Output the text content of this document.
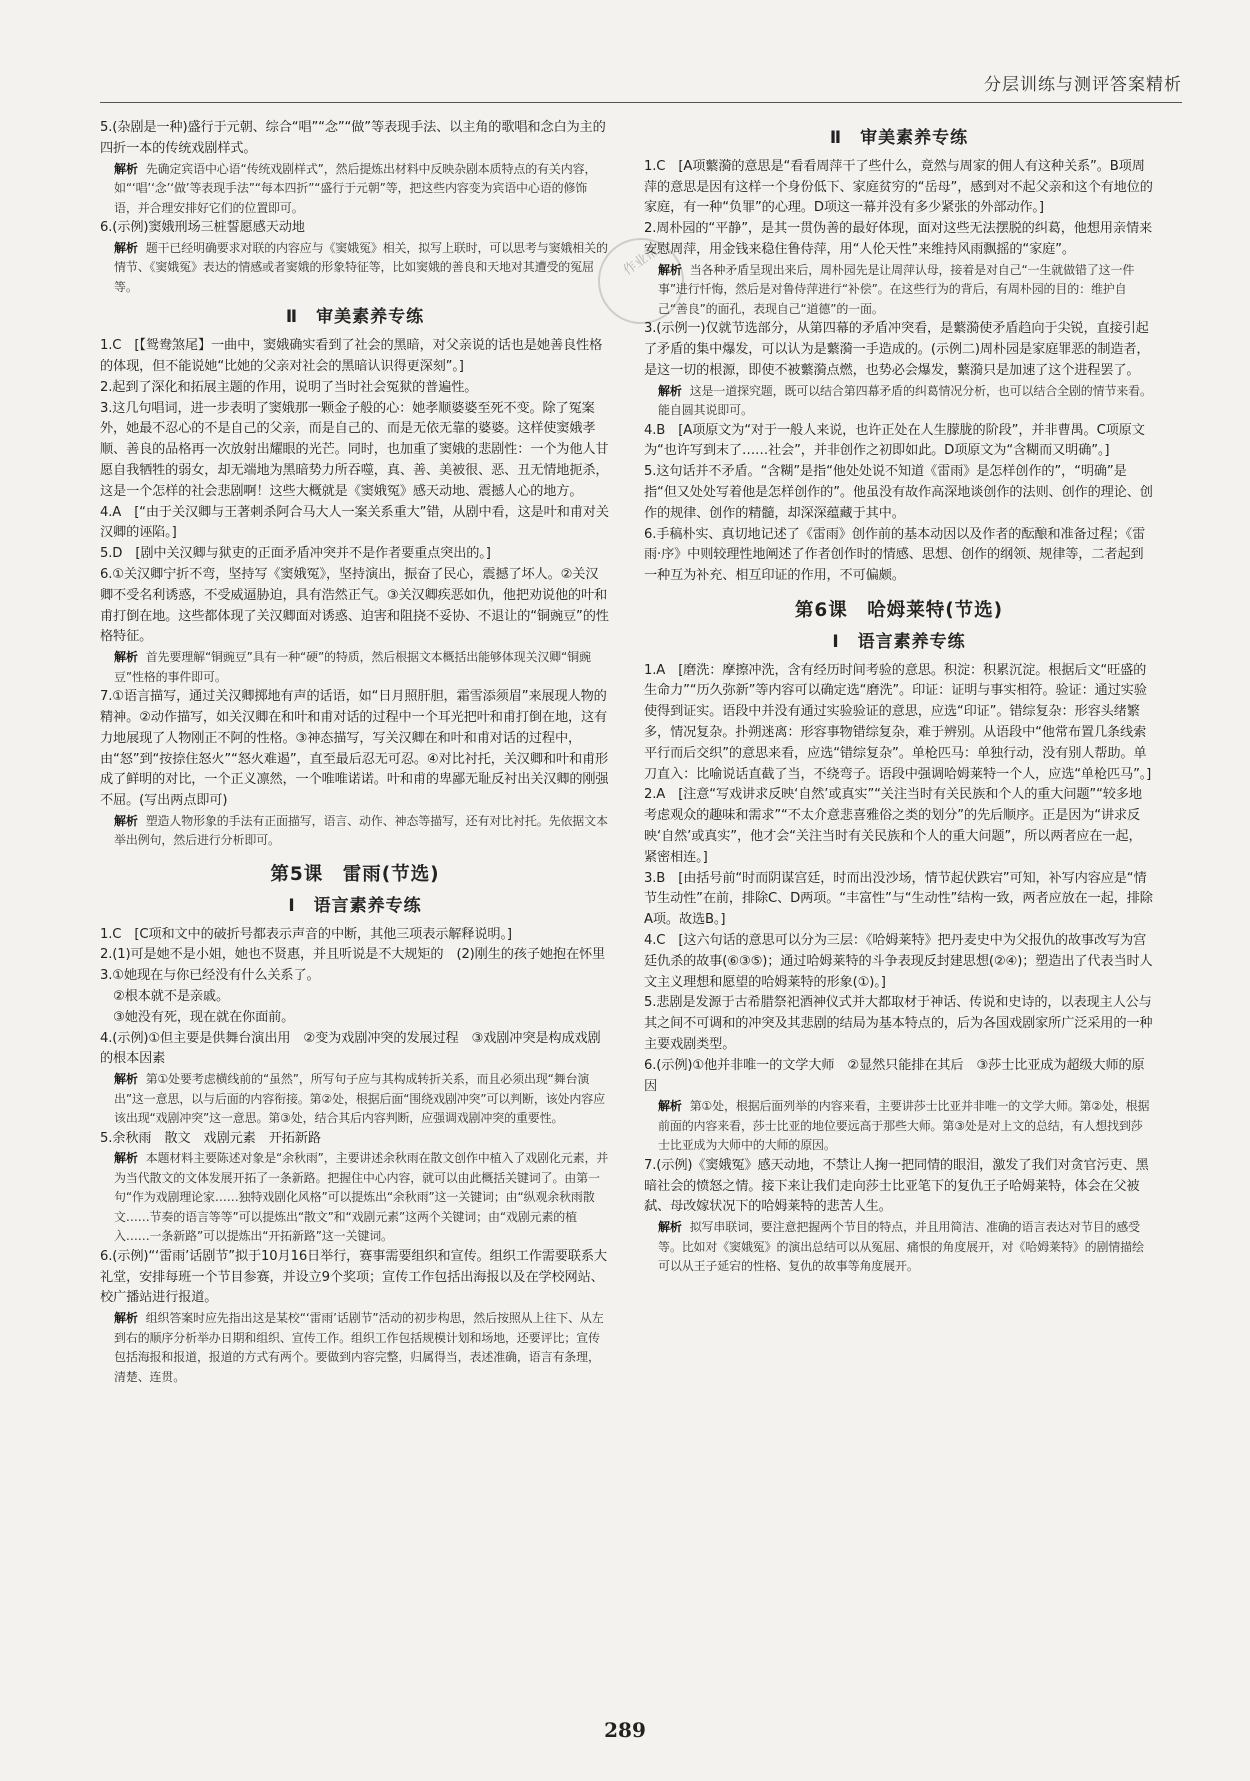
分层训练与测评答案精析
作业帮
5.(杂剧是一种)盛行于元朝、综合“唱”“念”“做”等表现手法、以主角的歌唱和念白为主的四折一本的传统戏剧样式。
解析 先确定宾语中心语“传统戏剧样式”，然后提炼出材料中反映杂剧本质特点的有关内容，如“‘唱’‘念’‘做’等表现手法”“每本四折”“盛行于元朝”等，把这些内容变为宾语中心语的修饰语，并合理安排好它们的位置即可。
6.(示例)窦娥刑场三桩誓愿感天动地
解析 题干已经明确要求对联的内容应与《窦娥冤》相关，拟写上联时，可以思考与窦娥相关的情节、《窦娥冤》表达的情感或者窦娥的形象特征等，比如窦娥的善良和天地对其遭受的冤屈等。
Ⅱ　审美素养专练
1.C　[【鸳鸯煞尾】一曲中，窦娥确实看到了社会的黑暗，对父亲说的话也是她善良性格的体现，但不能说她“比她的父亲对社会的黑暗认识得更深刻”。]
2.起到了深化和拓展主题的作用，说明了当时社会冤狱的普遍性。
3.这几句唱词，进一步表明了窦娥那一颗金子般的心：她孝顺婆婆至死不变。除了冤案外，她最不忍心的不是自己的父亲，而是自己的、而是无依无靠的婆婆。这样使窦娥孝顺、善良的品格再一次放射出耀眼的光芒。同时，也加重了窦娥的悲剧性：一个为他人甘愿自我牺牲的弱女，却无端地为黑暗势力所吞噬，真、善、美被很、恶、丑无情地扼杀，这是一个怎样的社会悲剧啊！这些大概就是《窦娥冤》感天动地、震撼人心的地方。
4.A　[“由于关汉卿与王著刺杀阿合马大人一案关系重大”错，从剧中看，这是叶和甫对关汉卿的诬陷。]
5.D　[剧中关汉卿与狱吏的正面矛盾冲突并不是作者要重点突出的。]
6.①关汉卿宁折不弯，坚持写《窦娥冤》，坚持演出，振奋了民心，震撼了坏人。②关汉卿不受名利诱惑，不受威逼胁迫，具有浩然正气。③关汉卿疾恶如仇，他把劝说他的叶和甫打倒在地。这些都体现了关汉卿面对诱惑、迫害和阻挠不妥协、不退让的“铜豌豆”的性格特征。
解析 首先要理解“铜豌豆”具有一种“硬”的特质，然后根据文本概括出能够体现关汉卿“铜豌豆”性格的事件即可。
7.①语言描写，通过关汉卿掷地有声的话语，如“日月照肝胆，霜雪添须眉”来展现人物的精神。②动作描写，如关汉卿在和叶和甫对话的过程中一个耳光把叶和甫打倒在地，这有力地展现了人物刚正不阿的性格。③神态描写，写关汉卿在和叶和甫对话的过程中，由“怒”到“按捺住怒火”“怒火难遏”，直至最后忍无可忍。④对比衬托，关汉卿和叶和甫形成了鲜明的对比，一个正义凛然，一个唯唯诺诺。叶和甫的卑鄙无耻反衬出关汉卿的刚强不屈。(写出两点即可)
解析 塑造人物形象的手法有正面描写，语言、动作、神态等描写，还有对比衬托。先依据文本举出例句，然后进行分析即可。
第5课　雷雨(节选)
Ⅰ　语言素养专练
1.C　[C项和文中的破折号都表示声音的中断，其他三项表示解释说明。]
2.(1)可是她不是小姐，她也不贤惠，并且听说是不大规矩的　(2)刚生的孩子她抱在怀里
3.①她现在与你已经没有什么关系了。
　②根本就不是亲戚。
　③她没有死，现在就在你面前。
4.(示例)①但主要是供舞台演出用　②变为戏剧冲突的发展过程　③戏剧冲突是构成戏剧的根本因素
解析 第①处要考虑横线前的“虽然”，所写句子应与其构成转折关系，而且必须出现“舞台演出”这一意思，以与后面的内容衔接。第②处，根据后面“围绕戏剧冲突”可以判断，该处内容应该出现“戏剧冲突”这一意思。第③处，结合其后内容判断，应强调戏剧冲突的重要性。
5.余秋雨　散文　戏剧元素　开拓新路
解析 本题材料主要陈述对象是“余秋雨”，主要讲述余秋雨在散文创作中植入了戏剧化元素，并为当代散文的文体发展开拓了一条新路。把握住中心内容，就可以由此概括关键词了。由第一句“作为戏剧理论家……独特戏剧化风格”可以提炼出“余秋雨”这一关键词；由“纵观余秋雨散文……节奏的语言等等”可以提炼出“散文”和“戏剧元素”这两个关键词；由“戏剧元素的植入……一条新路”可以提炼出“开拓新路”这一关键词。
6.(示例)“‘雷雨’话剧节”拟于10月16日举行，赛事需要组织和宣传。组织工作需要联系大礼堂，安排每班一个节目参赛，并设立9个奖项；宣传工作包括出海报以及在学校网站、校广播站进行报道。
解析 组织答案时应先指出这是某校“‘雷雨’话剧节”活动的初步构思，然后按照从上往下、从左到右的顺序分析举办日期和组织、宣传工作。组织工作包括规模计划和场地，还要评比；宣传包括海报和报道，报道的方式有两个。要做到内容完整，归属得当，表述准确，语言有条理，清楚、连贯。
Ⅱ　审美素养专练
1.C　[A项蘩漪的意思是“看看周萍干了些什么，竟然与周家的佣人有这种关系”。B项周萍的意思是因有这样一个身份低下、家庭贫穷的“岳母”，感到对不起父亲和这个有地位的家庭，有一种“负罪”的心理。D项这一幕并没有多少紧张的外部动作。]
2.周朴园的“平静”，是其一贯伪善的最好体现，面对这些无法摆脱的纠葛，他想用亲情来安慰周萍，用金钱来稳住鲁侍萍，用“人伦天性”来维持风雨飘摇的“家庭”。
解析 当各种矛盾呈现出来后，周朴园先是让周萍认母，接着是对自己“一生就做错了这一件事”进行忏悔，然后是对鲁侍萍进行“补偿”。在这些行为的背后，有周朴园的目的：维护自己“善良”的面孔，表现自己“道德”的一面。
3.(示例一)仅就节选部分，从第四幕的矛盾冲突看，是蘩漪使矛盾趋向于尖锐，直接引起了矛盾的集中爆发，可以认为是蘩漪一手造成的。(示例二)周朴园是家庭罪恶的制造者，是这一切的根源，即使不被蘩漪点燃，也势必会爆发，蘩漪只是加速了这个进程罢了。
解析 这是一道探究题，既可以结合第四幕矛盾的纠葛情况分析，也可以结合全剧的情节来看。能自圆其说即可。
4.B　[A项原文为“对于一般人来说，也许正处在人生朦胧的阶段”，并非曹禺。C项原文为“也许写到末了……社会”，并非创作之初即如此。D项原文为“含糊而又明确”。]
5.这句话并不矛盾。“含糊”是指“他处处说不知道《雷雨》是怎样创作的”，“明确”是指“但又处处写着他是怎样创作的”。他虽没有故作高深地谈创作的法则、创作的理论、创作的规律、创作的精髓，却深深蕴藏于其中。
6.手稿朴实、真切地记述了《雷雨》创作前的基本动因以及作者的酝酿和准备过程；《雷雨·序》中则较理性地阐述了作者创作时的情感、思想、创作的纲领、规律等，二者起到一种互为补充、相互印证的作用，不可偏颇。
第6课　哈姆莱特(节选)
Ⅰ　语言素养专练
1.A　[磨洗：摩擦冲洗，含有经历时间考验的意思。积淀：积累沉淀。根据后文“旺盛的生命力”“历久弥新”等内容可以确定选“磨洗”。印证：证明与事实相符。验证：通过实验使得到证实。语段中并没有通过实验验证的意思，应选“印证”。错综复杂：形容头绪繁多，情况复杂。扑朔迷离：形容事物错综复杂，难于辨别。从语段中“他常布置几条线索平行而后交织”的意思来看，应选“错综复杂”。单枪匹马：单独行动，没有别人帮助。单刀直入：比喻说话直截了当，不绕弯子。语段中强调哈姆莱特一个人，应选“单枪匹马”。]
2.A　[注意“写戏讲求反映‘自然’或真实”“关注当时有关民族和个人的重大问题”“较多地考虑观众的趣味和需求”“不太介意悲喜雅俗之类的划分”的先后顺序。正是因为“讲求反映‘自然’或真实”，他才会“关注当时有关民族和个人的重大问题”，所以两者应在一起，紧密相连。]
3.B　[由括号前“时而阴谋宫廷，时而出没沙场，情节起伏跌宕”可知，补写内容应是“情节生动性”在前，排除C、D两项。“丰富性”与“生动性”结构一致，两者应放在一起，排除A项。故选B。]
4.C　[这六句话的意思可以分为三层：《哈姆莱特》把丹麦史中为父报仇的故事改写为宫廷仇杀的故事(⑥③⑤)；通过哈姆莱特的斗争表现反封建思想(②④)；塑造出了代表当时人文主义理想和愿望的哈姆莱特的形象(①)。]
5.悲剧是发源于古希腊祭祀酒神仪式并大都取材于神话、传说和史诗的，以表现主人公与其之间不可调和的冲突及其悲剧的结局为基本特点的，后为各国戏剧家所广泛采用的一种主要戏剧类型。
6.(示例)①他并非唯一的文学大师　②显然只能排在其后　③莎士比亚成为超级大师的原因
解析 第①处，根据后面列举的内容来看，主要讲莎士比亚并非唯一的文学大师。第②处，根据前面的内容来看，莎士比亚的地位要远高于那些大师。第③处是对上文的总结，有人想找到莎士比亚成为大师中的大师的原因。
7.(示例)《窦娥冤》感天动地，不禁让人掬一把同情的眼泪，激发了我们对贪官污吏、黑暗社会的愤怒之情。接下来让我们走向莎士比亚笔下的复仇王子哈姆莱特，体会在父被弑、母改嫁状况下的哈姆莱特的悲苦人生。
解析 拟写串联词，要注意把握两个节目的特点，并且用简洁、准确的语言表达对节目的感受等。比如对《窦娥冤》的演出总结可以从冤屈、痛恨的角度展开，对《哈姆莱特》的剧情描绘可以从王子延宕的性格、复仇的故事等角度展开。
289
